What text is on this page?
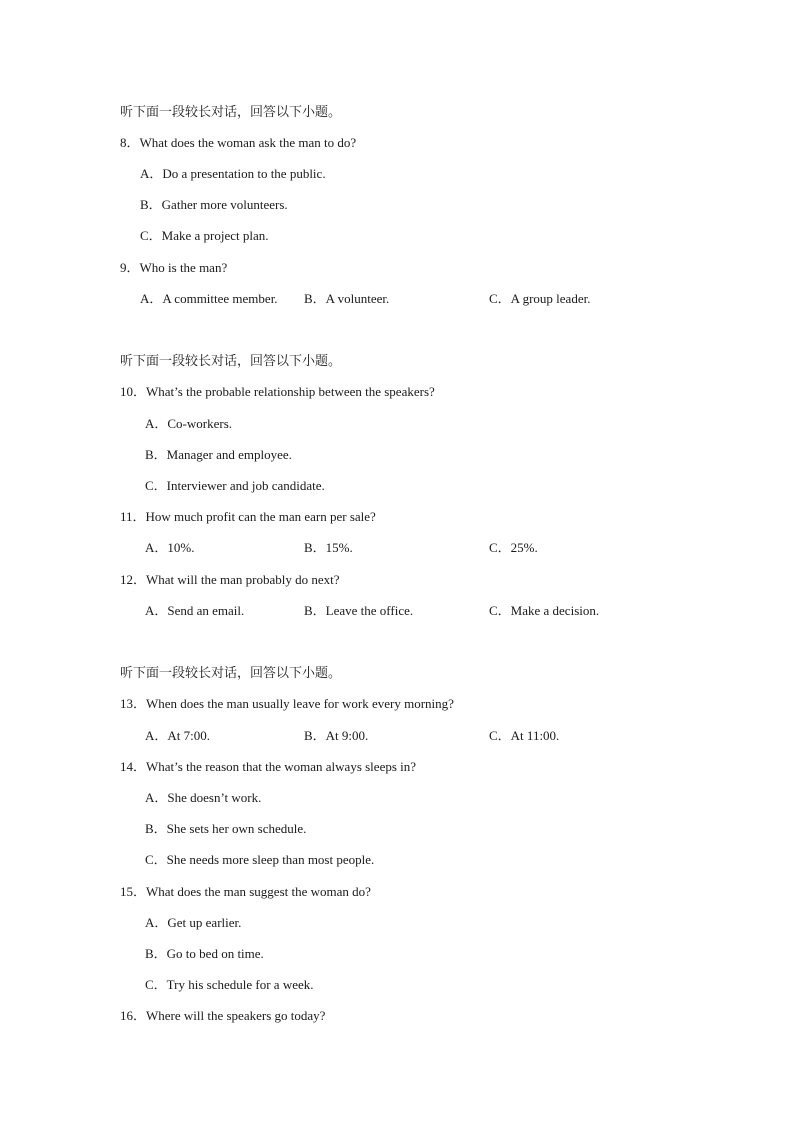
听下面一段较长对话，回答以下小题。
8．What does the woman ask the man to do?
A．Do a presentation to the public.
B．Gather more volunteers.
C．Make a project plan.
9．Who is the man?
A．A committee member. B．A volunteer.	C．A group leader.
听下面一段较长对话，回答以下小题。
10．What’s the probable relationship between the speakers?
A．Co-workers.
B．Manager and employee.
C．Interviewer and job candidate.
11．How much profit can the man earn per sale?
A．10%.	B．15%.	C．25%.
12．What will the man probably do next?
A．Send an email.	B．Leave the office.	C．Make a decision.
听下面一段较长对话，回答以下小题。
13．When does the man usually leave for work every morning?
A．At 7:00.	B．At 9:00.	C．At 11:00.
14．What’s the reason that the woman always sleeps in?
A．She doesn’t work.
B．She sets her own schedule.
C．She needs more sleep than most people.
15．What does the man suggest the woman do?
A．Get up earlier.
B．Go to bed on time.
C．Try his schedule for a week.
16．Where will the speakers go today?
